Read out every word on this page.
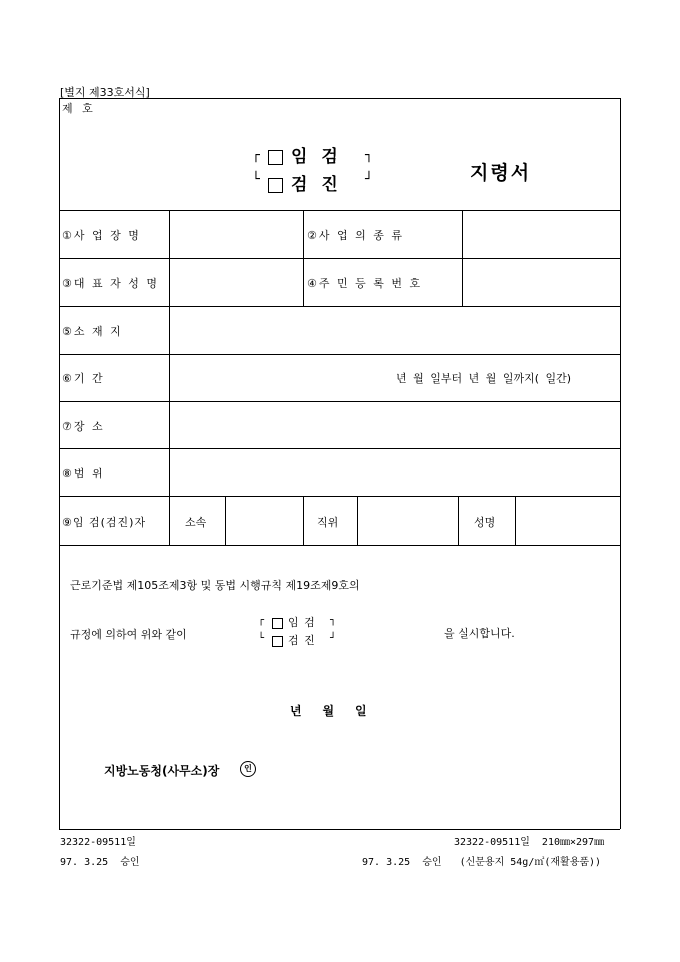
[별지 제33호서식]
제 호
┌	임 검 ┐
└	검 진 ┘	지령서
①사 업 장 명	②사 업 의 종 류
③대 표 자 성 명	④주 민 등 록 번 호
⑤소 재 지
⑥기 간	년 월 일부터 년 월 일까지( 일간)
⑦장 소
⑧범 위
⑨임 검(검진)자	소속	직위	성명
근로기준법 제105조제3항 및 동법 시행규칙 제19조제9호의
규정에 의하여 위와 같이
┌	임 검 ┐
└	검 진 ┘	을 실시합니다.
년     월     일
지방노동청(사무소)장	인
32322-09511일
97. 3.25  승인
32322-09511일  210㎜×297㎜
97. 3.25  승인   (신문용지 54g/㎡(재활용품))
